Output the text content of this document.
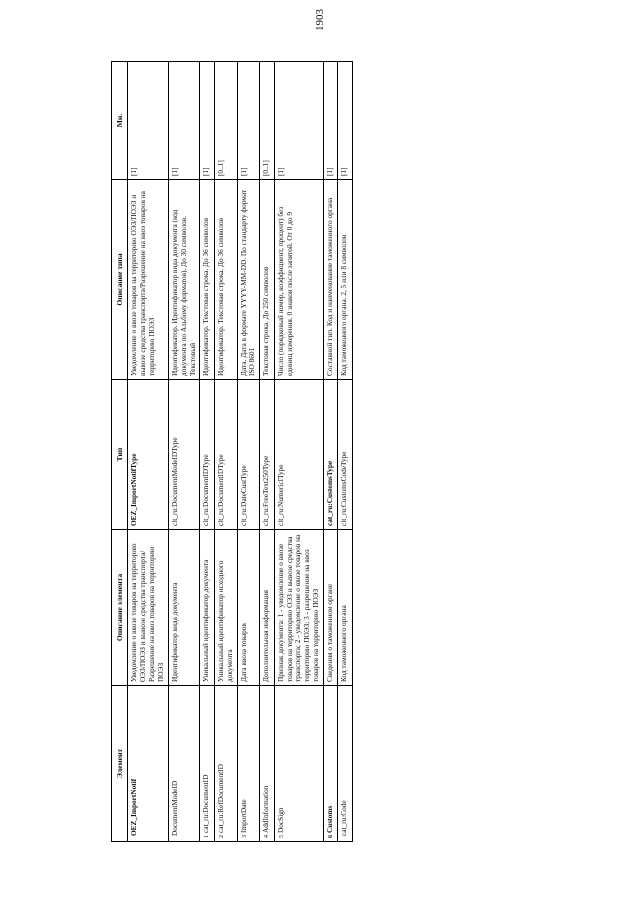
1903
Элемент	Описание элемента	Тип	Описание типа	Мн.
OEZ_ImportNotif	Уведомление о ввозе товаров на территорию ОЭЗ/ПОЭЗ и вывозе средства транспорта/Разрешение на ввоз товаров на территорию ПОЭЗ	OEZ_ImportNotifType	Уведомление о ввозе товаров на территорию ОЭЗ/ПОЭЗ и вывозе средства транспорта/Разрешение на ввоз товаров на территорию ПОЭЗ	[1]
DocumentModeID	Идентификатор вида документа	clt_ru:DocumentModeIDType	Идентификатор. Идентификатор вида документа (код документа по Альбому форматов). До 30 символов. Текстовый	[1]
1cat_ru:DocumentID	Уникальный идентификатор документа	clt_ru:DocumentIDType	Идентификатор. Текстовая строка. До 36 символов	[1]
2cat_ru:RefDocumentID	Уникальный идентификатор исходного документа	clt_ru:DocumentIDType	Идентификатор. Текстовая строка. До 36 символов	[0..1]
3ImportDate	Дата ввоза товаров	clt_ru:DateCustType	Дата. Дата в формате YYYY-MM-DD. По стандарту формат ISO 8601	[1]
4AddInformation	Дополнительная информация	clt_ru:FreeText250Type	Текстовая строка. До 250 символов	[0..1]
5DocSign	Признак документа: 1 - уведомление о ввозе товаров на территорию ОЭЗ и вывозе средства транспорта; 2 - уведомление о ввозе товаров на территорию ПОЭЗ; 3 - разрешение на ввоз товаров на территорию ПОЭЗ	clt_ru:NumericIType	Число (порядковый номер, коэффициент, процент) без единиц измерения. 0 знаков после запятой. От 0 до 9	[1]
6Customs	Сведения о таможенном органе	cat_ru:CustomsType	Составной тип. Код и наименование таможенного органа	[1]
cat_ru:Code	Код таможенного органа	clt_ru:CustomsCodeType	Код таможенного органа. 2, 5 или 8 символов	[1]
